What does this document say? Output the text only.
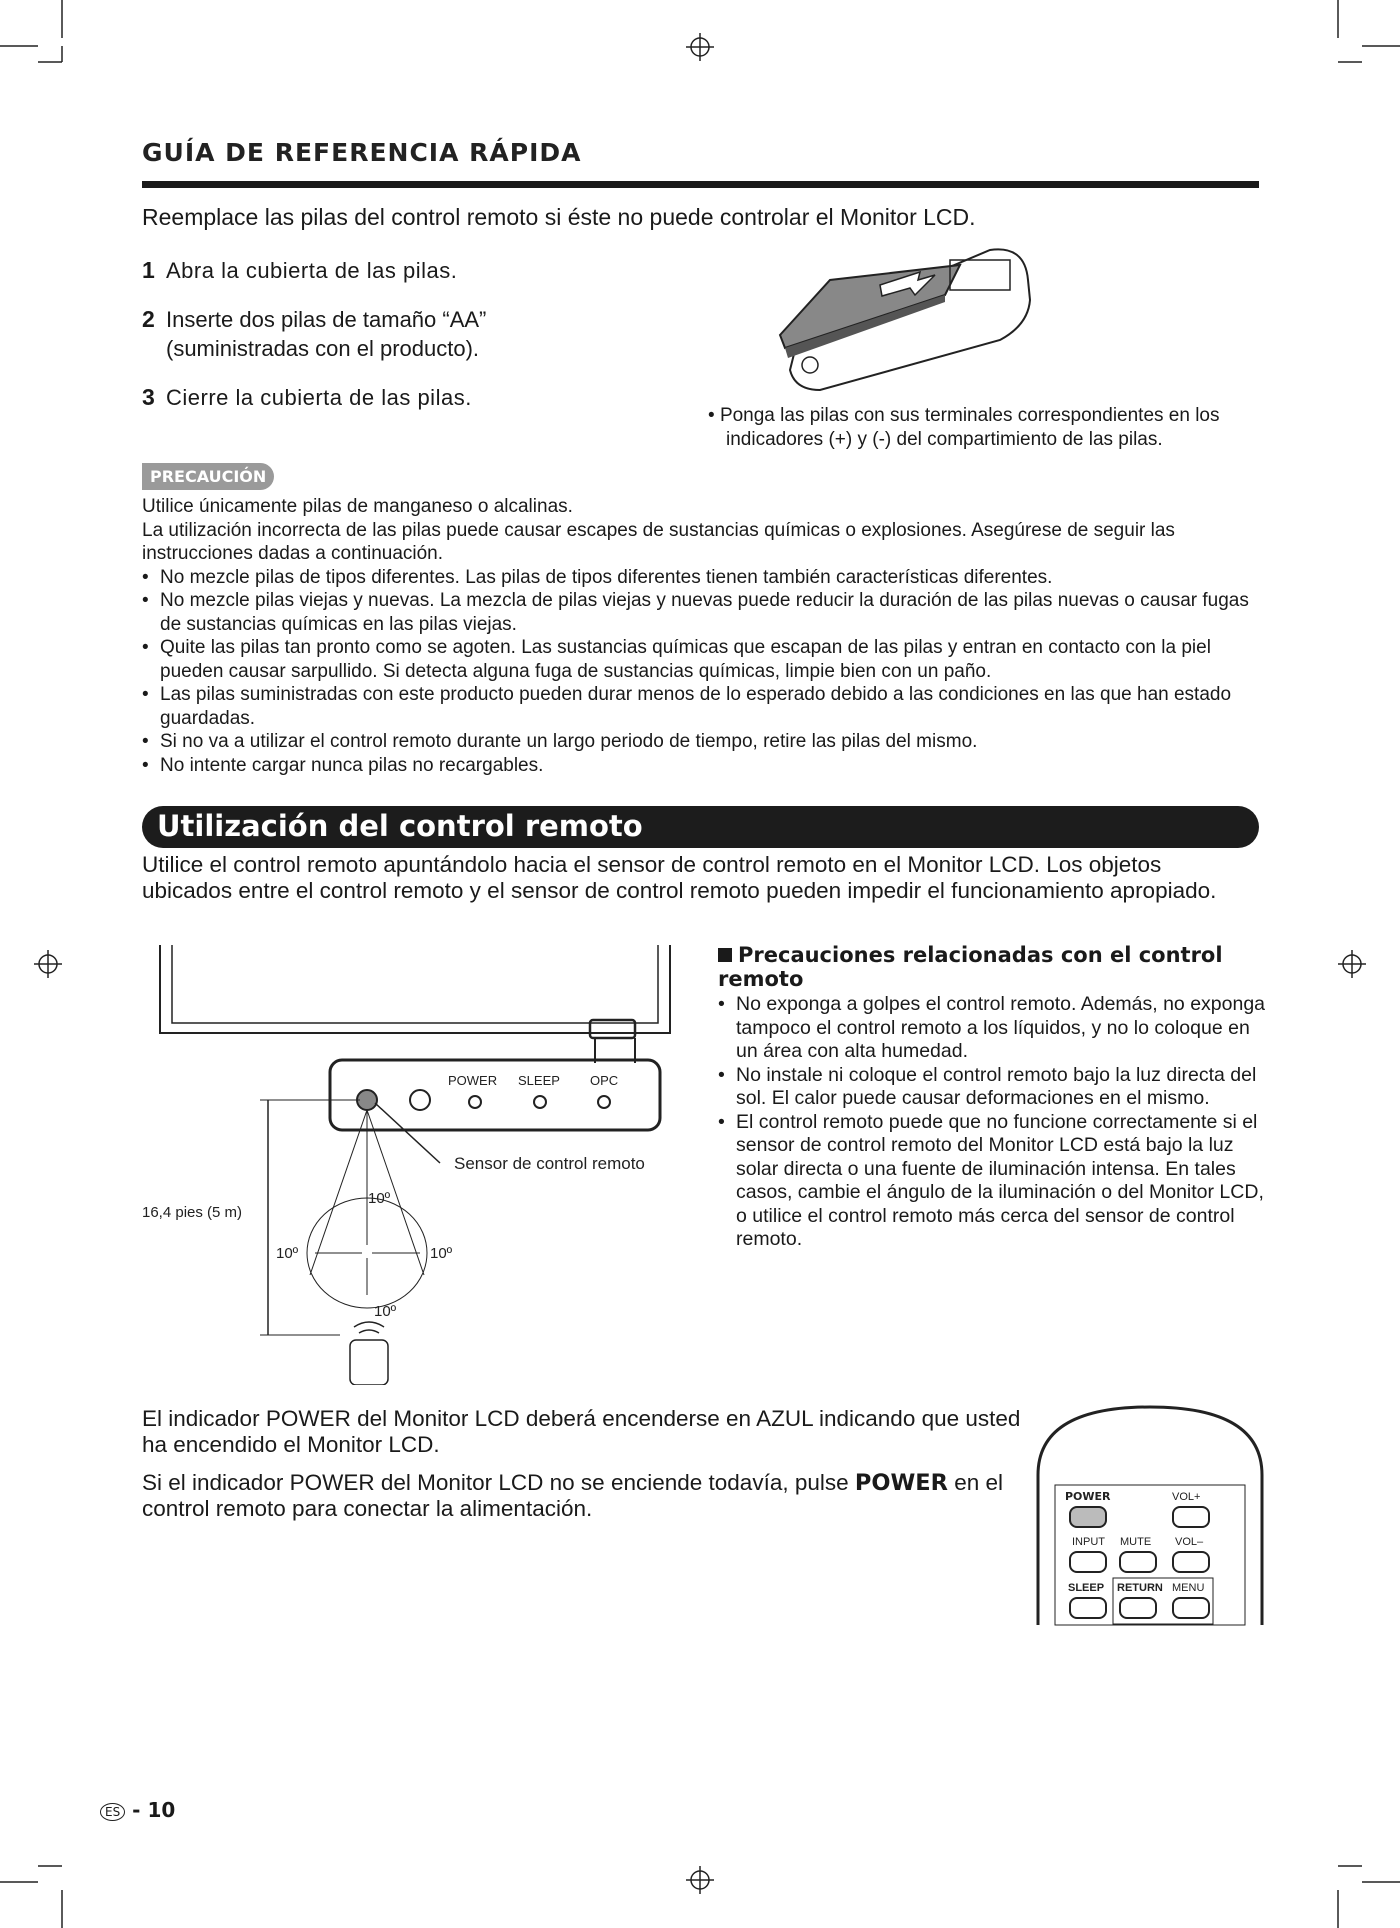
GUÍA DE REFERENCIA RÁPIDA
Reemplace las pilas del control remoto si éste no puede controlar el Monitor LCD.
1 Abra la cubierta de las pilas.
2 Inserte dos pilas de tamaño “AA”
(suministradas con el producto).
3 Cierre la cubierta de las pilas.
• Ponga las pilas con sus terminales correspondientes en los indicadores (+) y (-) del compartimiento de las pilas.
PRECAUCIÓN
Utilice únicamente pilas de manganeso o alcalinas.
La utilización incorrecta de las pilas puede causar escapes de sustancias químicas o explosiones. Asegúrese de seguir las instrucciones dadas a continuación.
• No mezcle pilas de tipos diferentes. Las pilas de tipos diferentes tienen también características diferentes.
• No mezcle pilas viejas y nuevas. La mezcla de pilas viejas y nuevas puede reducir la duración de las pilas nuevas o causar fugas de sustancias químicas en las pilas viejas.
• Quite las pilas tan pronto como se agoten. Las sustancias químicas que escapan de las pilas y entran en contacto con la piel pueden causar sarpullido. Si detecta alguna fuga de sustancias químicas, limpie bien con un paño.
• Las pilas suministradas con este producto pueden durar menos de lo esperado debido a las condiciones en las que han estado guardadas.
• Si no va a utilizar el control remoto durante un largo periodo de tiempo, retire las pilas del mismo.
• No intente cargar nunca pilas no recargables.
Utilización del control remoto
Utilice el control remoto apuntándolo hacia el sensor de control remoto en el Monitor LCD. Los objetos ubicados entre el control remoto y el sensor de control remoto pueden impedir el funcionamiento apropiado.
POWER SLEEP OPC
Sensor de control remoto
16,4 pies (5 m)
10º
10º	10º
10º
Precauciones relacionadas con el control remoto
• No exponga a golpes el control remoto. Además, no exponga tampoco el control remoto a los líquidos, y no lo coloque en un área con alta humedad.
• No instale ni coloque el control remoto bajo la luz directa del sol. El calor puede causar deformaciones en el mismo.
• El control remoto puede que no funcione correctamente si el sensor de control remoto del Monitor LCD está bajo la luz solar directa o una fuente de iluminación intensa. En tales casos, cambie el ángulo de la iluminación o del Monitor LCD, o utilice el control remoto más cerca del sensor de control remoto.

El indicador POWER del Monitor LCD deberá encenderse en AZUL indicando que usted ha encendido el Monitor LCD.

Si el indicador POWER del Monitor LCD no se enciende todavía, pulse POWER en el control remoto para conectar la alimentación.	POWER	VOL+
INPUT MUTE VOL–
SLEEP RETURN MENU
ES - 10
